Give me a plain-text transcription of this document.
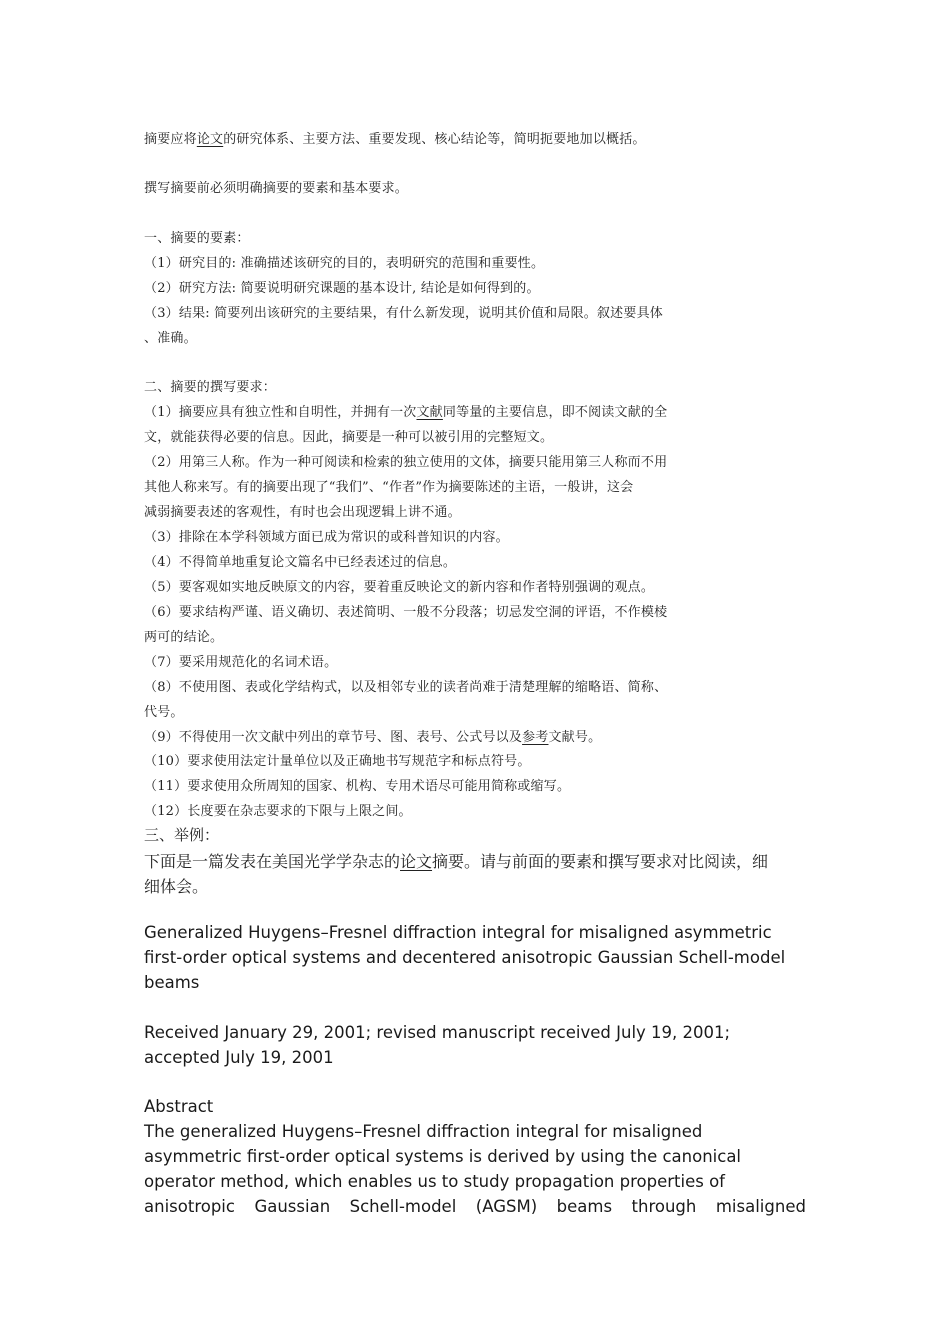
摘要应将论文的研究体系、主要方法、重要发现、核心结论等，简明扼要地加以概括。
撰写摘要前必须明确摘要的要素和基本要求。
一、摘要的要素：
（1）研究目的: 准确描述该研究的目的，表明研究的范围和重要性。
（2）研究方法: 简要说明研究课题的基本设计, 结论是如何得到的。
（3）结果: 简要列出该研究的主要结果，有什么新发现，说明其价值和局限。叙述要具体
、准确。
二、摘要的撰写要求：
（1）摘要应具有独立性和自明性，并拥有一次文献同等量的主要信息，即不阅读文献的全
文，就能获得必要的信息。因此，摘要是一种可以被引用的完整短文。
（2）用第三人称。作为一种可阅读和检索的独立使用的文体，摘要只能用第三人称而不用
其他人称来写。有的摘要出现了“我们”、“作者”作为摘要陈述的主语，一般讲，这会
减弱摘要表述的客观性，有时也会出现逻辑上讲不通。
（3）排除在本学科领域方面已成为常识的或科普知识的内容。
（4）不得简单地重复论文篇名中已经表述过的信息。
（5）要客观如实地反映原文的内容，要着重反映论文的新内容和作者特别强调的观点。
（6）要求结构严谨、语义确切、表述简明、一般不分段落；切忌发空洞的评语，不作模棱
两可的结论。
（7）要采用规范化的名词术语。
（8）不使用图、表或化学结构式，以及相邻专业的读者尚难于清楚理解的缩略语、简称、
代号。
（9）不得使用一次文献中列出的章节号、图、表号、公式号以及参考文献号。
（10）要求使用法定计量单位以及正确地书写规范字和标点符号。
（11）要求使用众所周知的国家、机构、专用术语尽可能用简称或缩写。
（12）长度要在杂志要求的下限与上限之间。
三、举例：
下面是一篇发表在美国光学学杂志的论文摘要。请与前面的要素和撰写要求对比阅读，细
细体会。
Generalized Huygens–Fresnel diffraction integral for misaligned asymmetric
first-order optical systems and decentered anisotropic Gaussian Schell-model
beams
Received January 29, 2001; revised manuscript received July 19, 2001;
accepted July 19, 2001
Abstract
The generalized Huygens–Fresnel diffraction integral for misaligned
asymmetric first-order optical systems is derived by using the canonical
operator method, which enables us to study propagation properties of
anisotropic Gaussian Schell-model (AGSM) beams through misaligned
